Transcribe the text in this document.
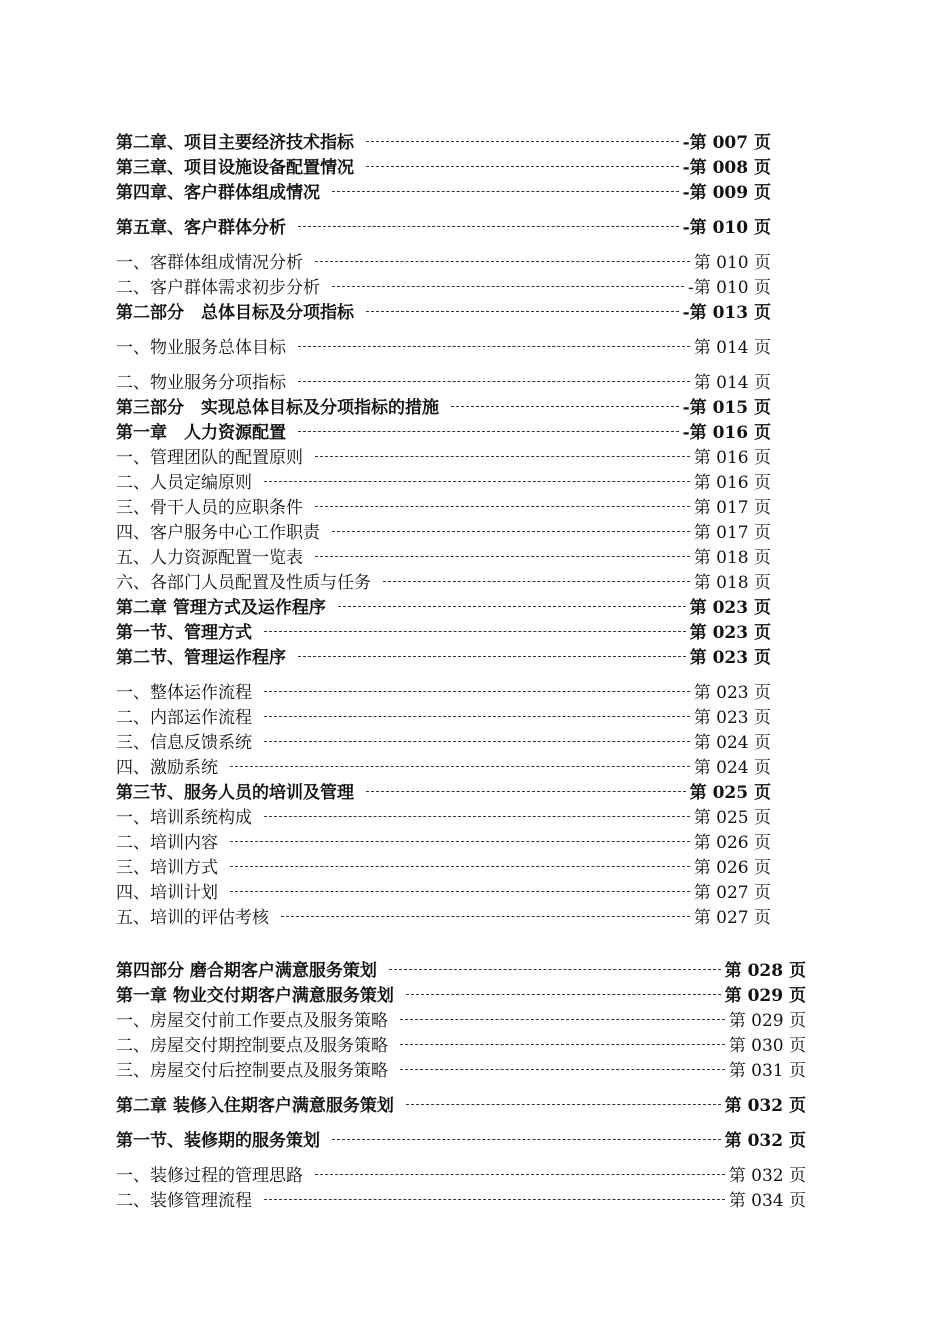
第二章、项目主要经济技术指标	-第 007 页
第三章、项目设施设备配置情况	-第 008 页
第四章、客户群体组成情况	-第 009 页
第五章、客户群体分析	-第 010 页
一、客群体组成情况分析	第 010 页
二、客户群体需求初步分析	-第 010 页
第二部分　总体目标及分项指标	-第 013 页
一、物业服务总体目标	第 014 页
二、物业服务分项指标	第 014 页
第三部分　实现总体目标及分项指标的措施	-第 015 页
第一章　人力资源配置	-第 016 页
一、管理团队的配置原则	第 016 页
二、人员定编原则	第 016 页
三、骨干人员的应职条件	第 017 页
四、客户服务中心工作职责	第 017 页
五、人力资源配置一览表	第 018 页
六、各部门人员配置及性质与任务	第 018 页
第二章 管理方式及运作程序	第 023 页
第一节、管理方式	第 023 页
第二节、管理运作程序	第 023 页
一、整体运作流程	第 023 页
二、内部运作流程	第 023 页
三、信息反馈系统	第 024 页
四、激励系统	第 024 页
第三节、服务人员的培训及管理	第 025 页
一、培训系统构成	第 025 页
二、培训内容	第 026 页
三、培训方式	第 026 页
四、培训计划	第 027 页
五、培训的评估考核	第 027 页
第四部分 磨合期客户满意服务策划	第 028 页
第一章 物业交付期客户满意服务策划	第 029 页
一、房屋交付前工作要点及服务策略	第 029 页
二、房屋交付期控制要点及服务策略	第 030 页
三、房屋交付后控制要点及服务策略	第 031 页
第二章 装修入住期客户满意服务策划	第 032 页
第一节、装修期的服务策划	第 032 页
一、装修过程的管理思路	第 032 页
二、装修管理流程	第 034 页
